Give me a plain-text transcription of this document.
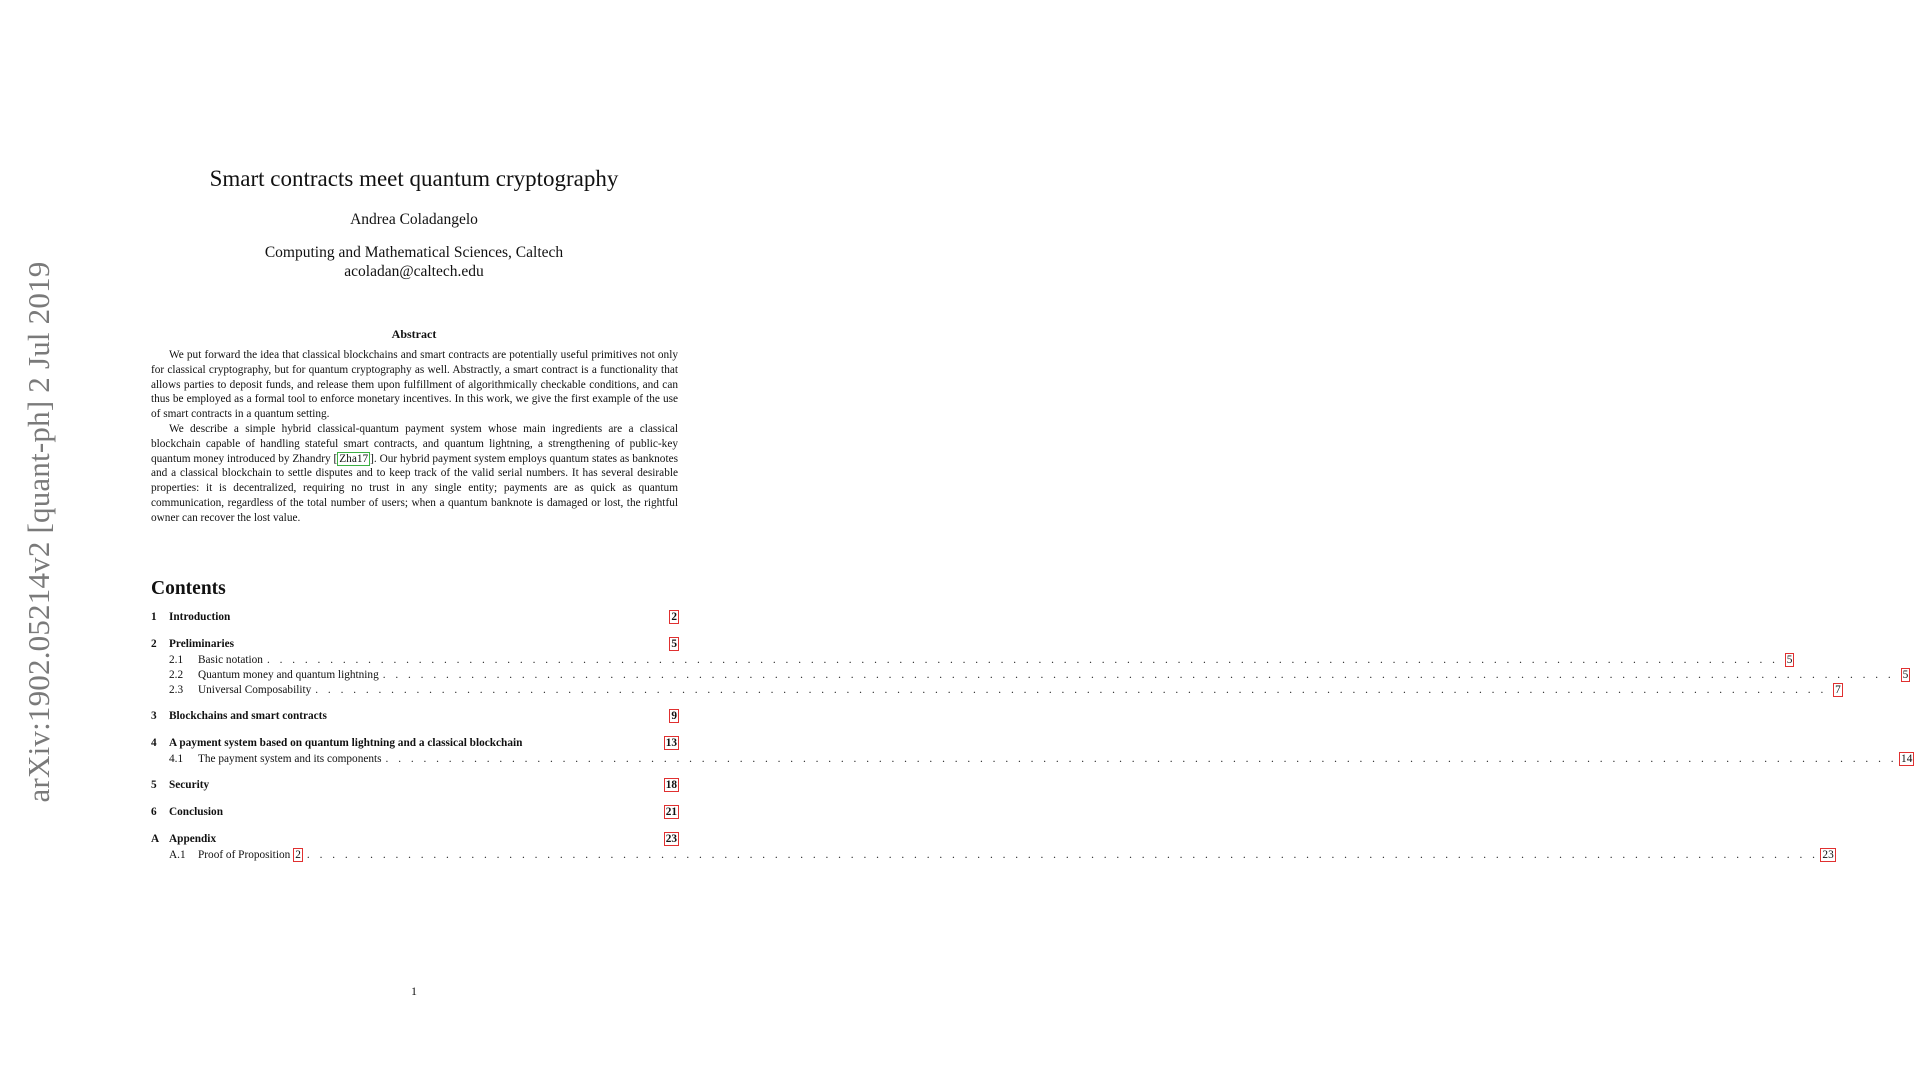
arXiv:1902.05214v2 [quant-ph] 2 Jul 2019
Smart contracts meet quantum cryptography
Andrea Coladangelo
Computing and Mathematical Sciences, Caltech
acoladan@caltech.edu
Abstract

We put forward the idea that classical blockchains and smart contracts are potentially useful primitives not only for classical cryptography, but for quantum cryptography as well. Abstractly, a smart contract is a functionality that allows parties to deposit funds, and release them upon fulfillment of algorithmically checkable conditions, and can thus be employed as a formal tool to enforce monetary incentives. In this work, we give the first example of the use of smart contracts in a quantum setting.

We describe a simple hybrid classical-quantum payment system whose main ingredients are a classical blockchain capable of handling stateful smart contracts, and quantum lightning, a strengthening of public-key quantum money introduced by Zhandry [ Zha17 ]. Our hybrid payment system employs quantum states as banknotes and a classical blockchain to settle disputes and to keep track of the valid serial numbers. It has several desirable properties: it is decentralized, requiring no trust in any single entity; payments are as quick as quantum communication, regardless of the total number of users; when a quantum banknote is damaged or lost, the rightful owner can recover the lost value.

Contents
1	Introduction	2
2	Preliminaries	5
2.1	Basic notation . . . . . . . . . . . . . . . . . . . . . . . . . . . . . . . . . . . . . . . . . . . . . . . . . . . . . . . . . . . . . . . . . . . . . . . . . . . . . . . . . . . . . . . . . . . . . . . . . . . . . . . . . . . . . . . . . . . . . . . . 5
2.2	Quantum money and quantum lightning . . . . . . . . . . . . . . . . . . . . . . . . . . . . . . . . . . . . . . . . . . . . . . . . . . . . . . . . . . . . . . . . . . . . . . . . . . . . . . . . . . . . . . . . . . . . . . . . . . . . . . . . . . . . . . . . . . . . . . . . 5
2.3	Universal Composability . . . . . . . . . . . . . . . . . . . . . . . . . . . . . . . . . . . . . . . . . . . . . . . . . . . . . . . . . . . . . . . . . . . . . . . . . . . . . . . . . . . . . . . . . . . . . . . . . . . . . . . . . . . . . . . . . . . . . . . . 7
3	Blockchains and smart contracts	9
4	A payment system based on quantum lightning and a classical blockchain	13
4.1	The payment system and its components . . . . . . . . . . . . . . . . . . . . . . . . . . . . . . . . . . . . . . . . . . . . . . . . . . . . . . . . . . . . . . . . . . . . . . . . . . . . . . . . . . . . . . . . . . . . . . . . . . . . . . . . . . . . . . . . . . . . . . . . 14
5	Security	18
6	Conclusion	21
A Appendix	23
A.1	Proof of Proposition 2 . . . . . . . . . . . . . . . . . . . . . . . . . . . . . . . . . . . . . . . . . . . . . . . . . . . . . . . . . . . . . . . . . . . . . . . . . . . . . . . . . . . . . . . . . . . . . . . . . . . . . . . . . . . . . . . . . . . . . . . . 23
1
